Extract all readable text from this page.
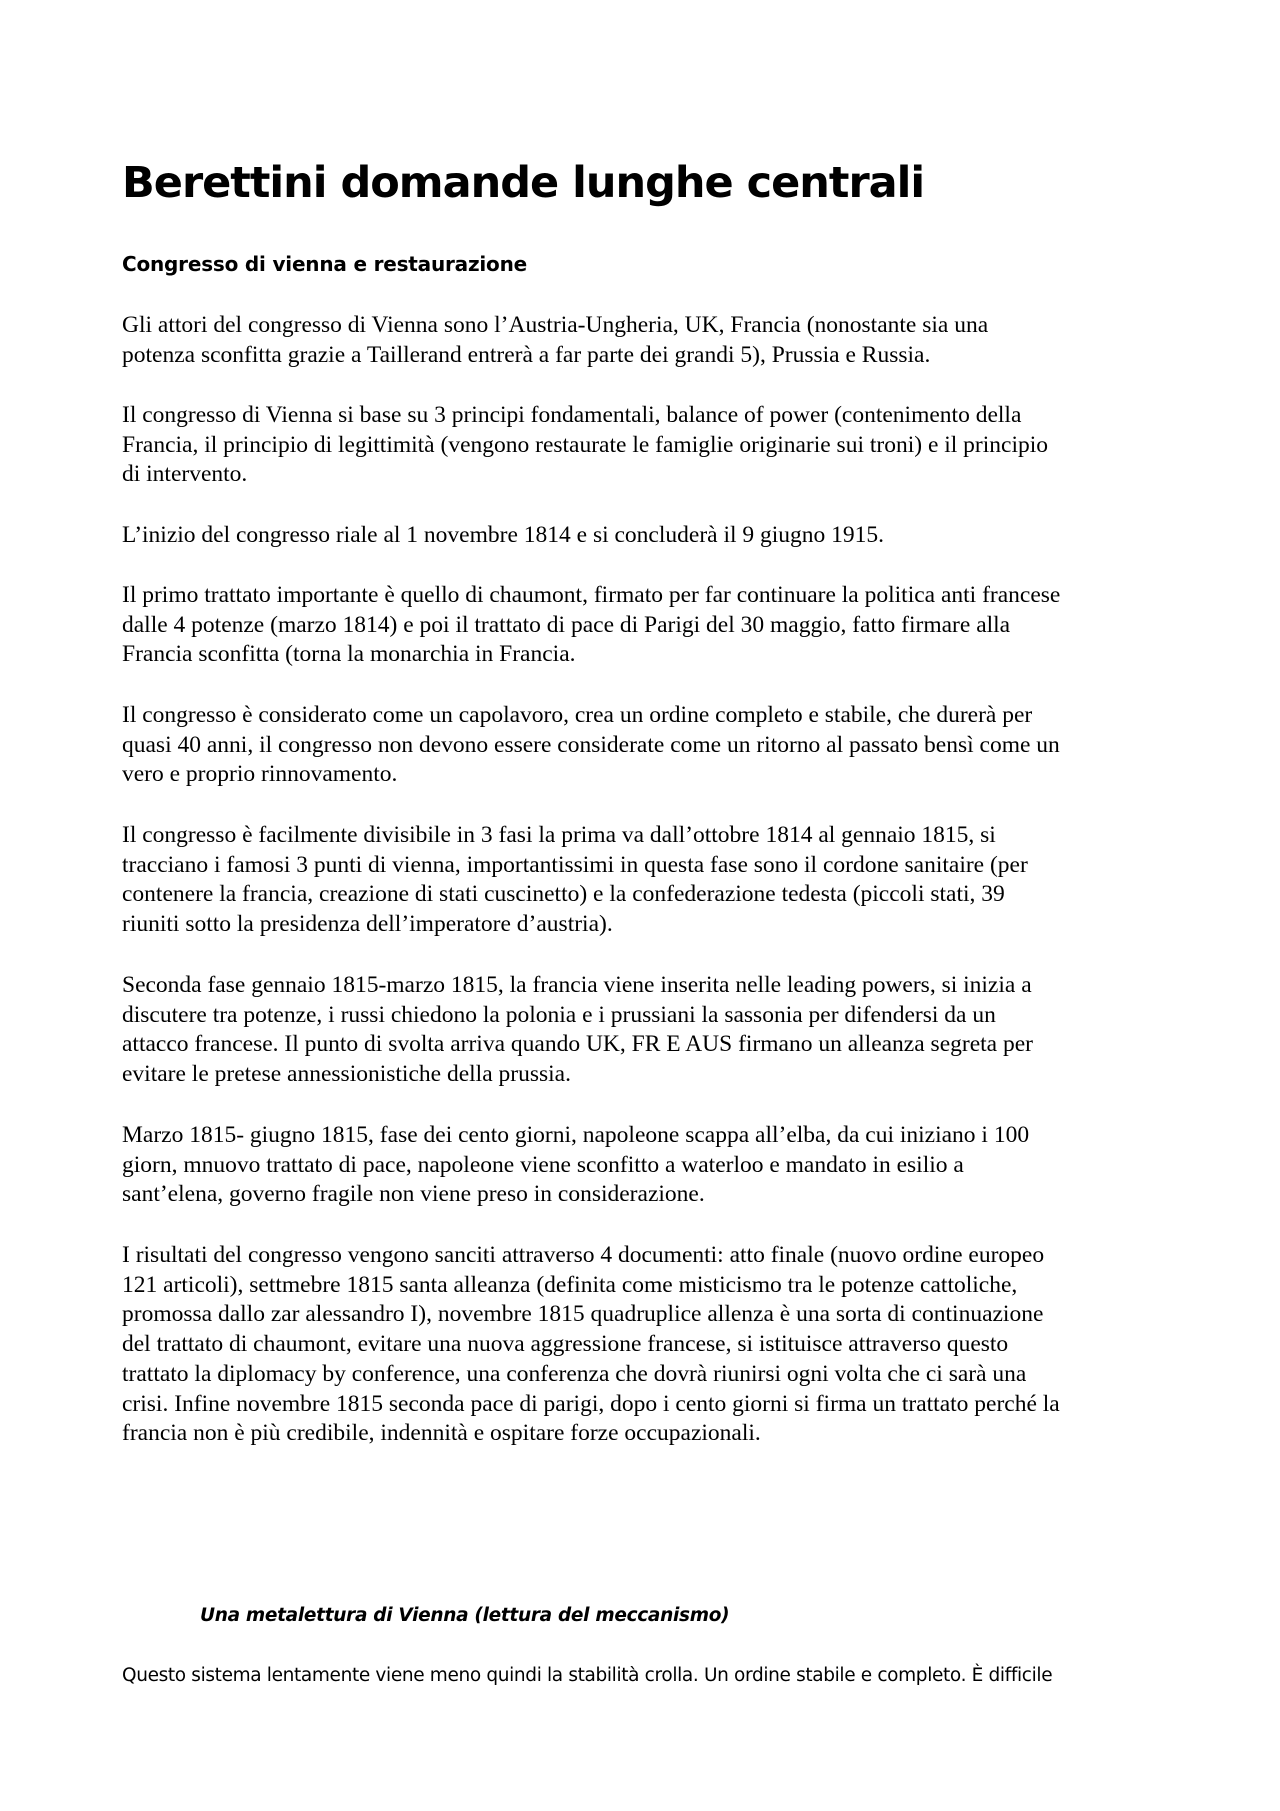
Berettini domande lunghe centrali
Congresso di vienna e restaurazione

Gli attori del congresso di Vienna sono l’Austria-Ungheria, UK, Francia (nonostante sia una
potenza sconfitta grazie a Taillerand entrerà a far parte dei grandi 5), Prussia e Russia.

Il congresso di Vienna si base su 3 principi fondamentali, balance of power (contenimento della
Francia, il principio di legittimità (vengono restaurate le famiglie originarie sui troni) e il principio
di intervento.

L’inizio del congresso riale al 1 novembre 1814 e si concluderà il 9 giugno 1915.

Il primo trattato importante è quello di chaumont, firmato per far continuare la politica anti francese
dalle 4 potenze (marzo 1814) e poi il trattato di pace di Parigi del 30 maggio, fatto firmare alla
Francia sconfitta (torna la monarchia in Francia.

Il congresso è considerato come un capolavoro, crea un ordine completo e stabile, che durerà per
quasi 40 anni, il congresso non devono essere considerate come un ritorno al passato bensì come un
vero e proprio rinnovamento.

Il congresso è facilmente divisibile in 3 fasi la prima va dall’ottobre 1814 al gennaio 1815, si
tracciano i famosi 3 punti di vienna, importantissimi in questa fase sono il cordone sanitaire (per
contenere la francia, creazione di stati cuscinetto) e la confederazione tedesta (piccoli stati, 39
riuniti sotto la presidenza dell’imperatore d’austria).

Seconda fase gennaio 1815-marzo 1815, la francia viene inserita nelle leading powers, si inizia a
discutere tra potenze, i russi chiedono la polonia e i prussiani la sassonia per difendersi da un
attacco francese. Il punto di svolta arriva quando UK, FR E AUS firmano un alleanza segreta per
evitare le pretese annessionistiche della prussia.

Marzo 1815- giugno 1815, fase dei cento giorni, napoleone scappa all’elba, da cui iniziano i 100
giorn, mnuovo trattato di pace, napoleone viene sconfitto a waterloo e mandato in esilio a
sant’elena, governo fragile non viene preso in considerazione.

I risultati del congresso vengono sanciti attraverso 4 documenti: atto finale (nuovo ordine europeo
121 articoli), settmebre 1815 santa alleanza (definita come misticismo tra le potenze cattoliche,
promossa dallo zar alessandro I), novembre 1815 quadruplice allenza è una sorta di continuazione
del trattato di chaumont, evitare una nuova aggressione francese, si istituisce attraverso questo
trattato la diplomacy by conference, una conferenza che dovrà riunirsi ogni volta che ci sarà una
crisi. Infine novembre 1815 seconda pace di parigi, dopo i cento giorni si firma un trattato perché la
francia non è più credibile, indennità e ospitare forze occupazionali.

Una metalettura di Vienna (lettura del meccanismo)

Questo sistema lentamente viene meno quindi la stabilità crolla. Un ordine stabile e completo. È difficile
